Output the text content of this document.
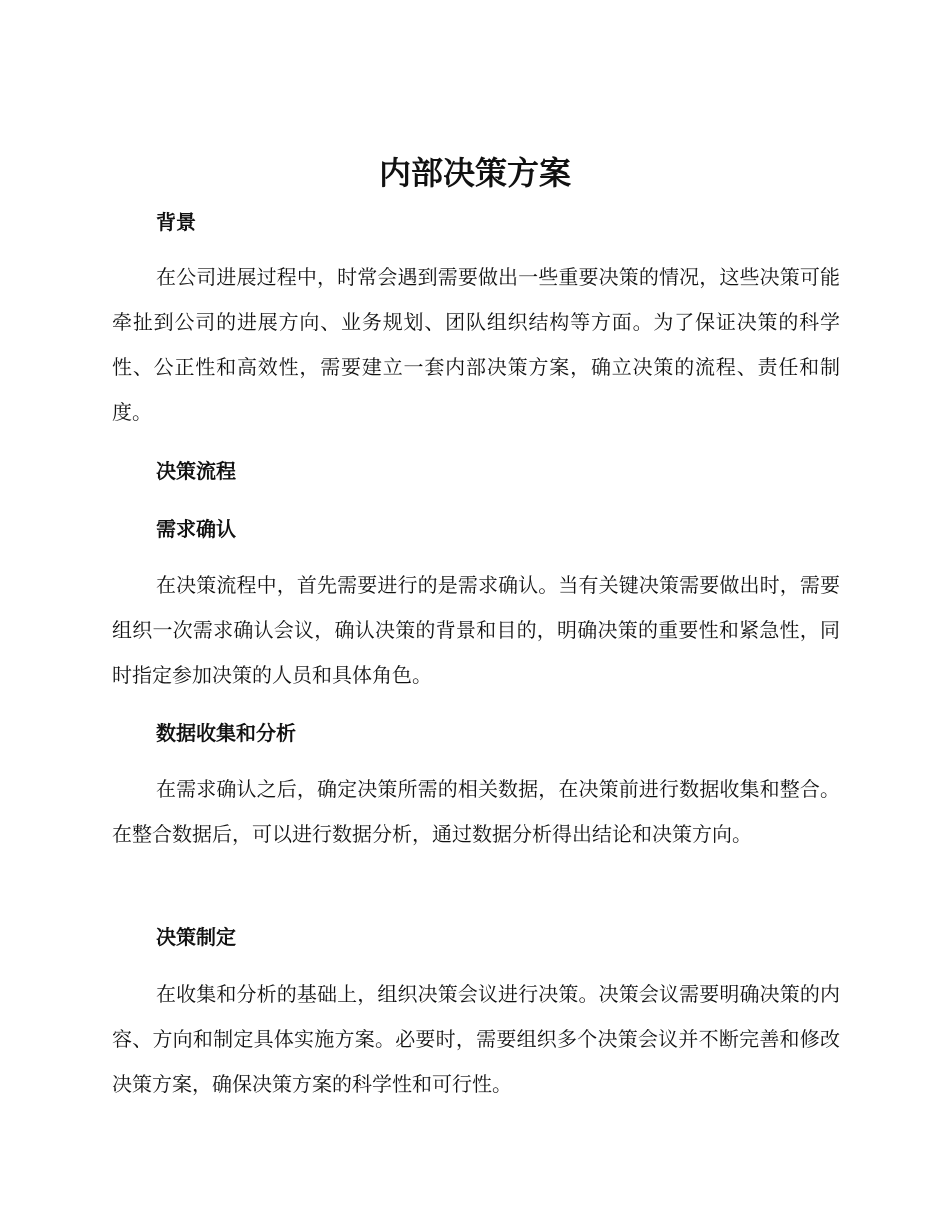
内部决策方案
背景

在公司进展过程中，时常会遇到需要做出一些重要决策的情况，这些决策可能牵扯到公司的进展方向、业务规划、团队组织结构等方面。为了保证决策的科学性、公正性和高效性，需要建立一套内部决策方案，确立决策的流程、责任和制度。

决策流程
需求确认

在决策流程中，首先需要进行的是需求确认。当有关键决策需要做出时，需要组织一次需求确认会议，确认决策的背景和目的，明确决策的重要性和紧急性，同时指定参加决策的人员和具体角色。

数据收集和分析

在需求确认之后，确定决策所需的相关数据，在决策前进行数据收集和整合。在整合数据后，可以进行数据分析，通过数据分析得出结论和决策方向。

决策制定

在收集和分析的基础上，组织决策会议进行决策。决策会议需要明确决策的内容、方向和制定具体实施方案。必要时，需要组织多个决策会议并不断完善和修改决策方案，确保决策方案的科学性和可行性。
